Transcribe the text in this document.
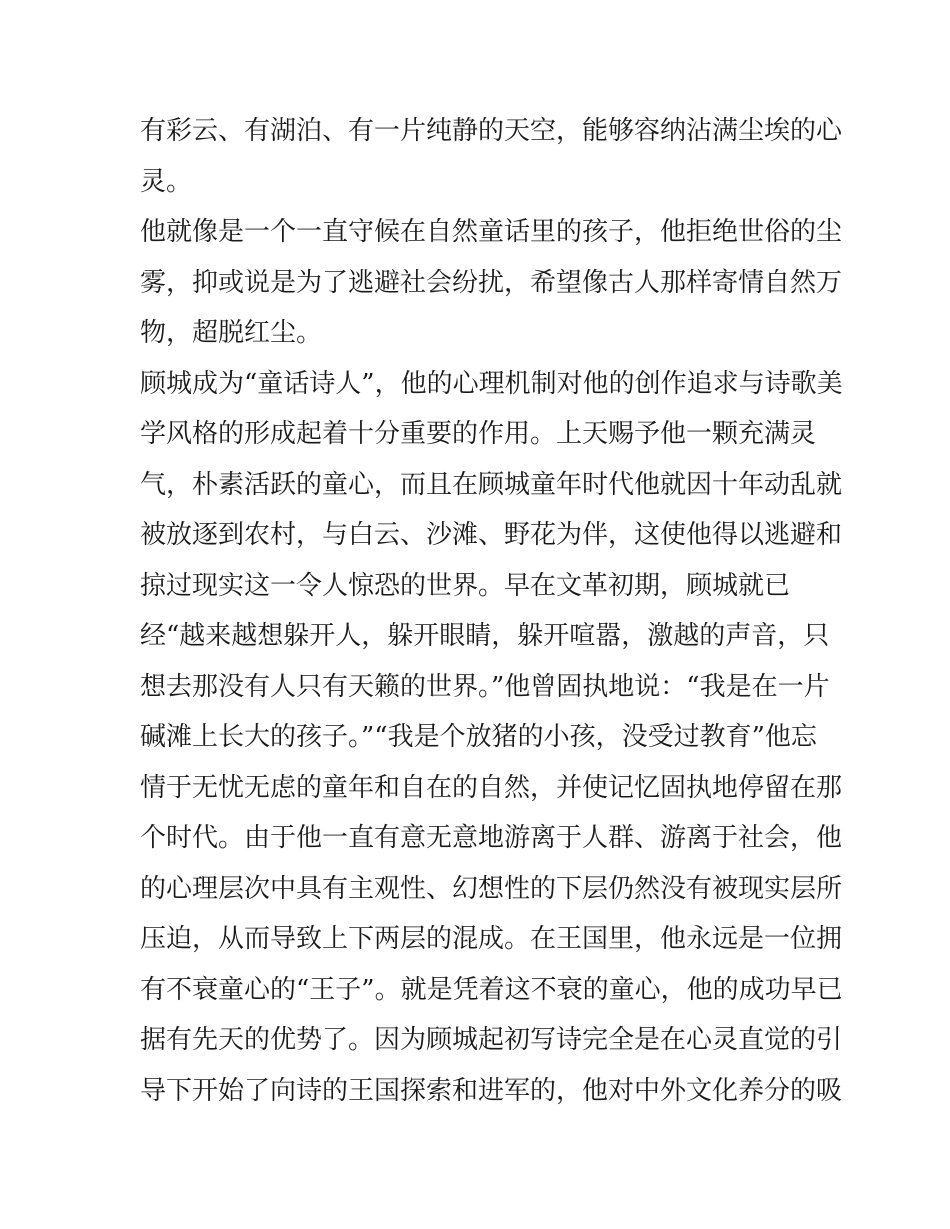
有彩云、有湖泊、有一片纯静的天空，能够容纳沾满尘埃的心
灵。
他就像是一个一直守候在自然童话里的孩子，他拒绝世俗的尘
雾，抑或说是为了逃避社会纷扰，希望像古人那样寄情自然万
物，超脱红尘。
顾城成为“童话诗人”，他的心理机制对他的创作追求与诗歌美
学风格的形成起着十分重要的作用。上天赐予他一颗充满灵
气，朴素活跃的童心，而且在顾城童年时代他就因十年动乱就
被放逐到农村，与白云、沙滩、野花为伴，这使他得以逃避和
掠过现实这一令人惊恐的世界。早在文革初期，顾城就已
经“越来越想躲开人，躲开眼睛，躲开喧嚣，激越的声音，只
想去那没有人只有天籁的世界。”他曾固执地说：“我是在一片
碱滩上长大的孩子。”“我是个放猪的小孩，没受过教育”他忘
情于无忧无虑的童年和自在的自然，并使记忆固执地停留在那
个时代。由于他一直有意无意地游离于人群、游离于社会，他
的心理层次中具有主观性、幻想性的下层仍然没有被现实层所
压迫，从而导致上下两层的混成。在王国里，他永远是一位拥
有不衰童心的“王子”。就是凭着这不衰的童心，他的成功早已
据有先天的优势了。因为顾城起初写诗完全是在心灵直觉的引
导下开始了向诗的王国探索和进军的，他对中外文化养分的吸
